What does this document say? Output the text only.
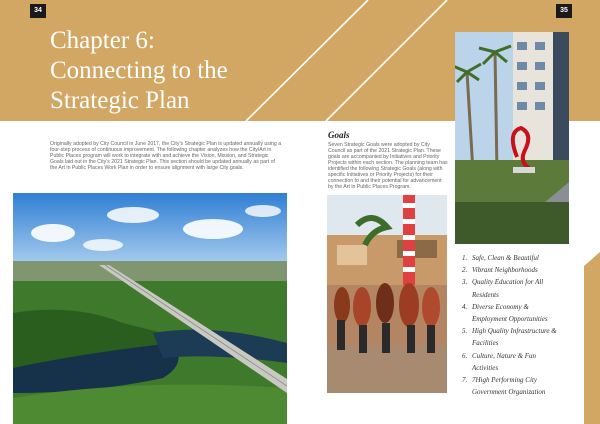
34	35
Chapter 6:
Connecting to the
Strategic Plan
Originally adopted by City Council in June 2017, the City's Strategic Plan is updated annually using a four-step process of continuous improvement. The following chapter analyzes how the City/Art in Public Places program will work to integrate with and achieve the Vision, Mission, and Strategic Goals laid out in the City's 2021 Strategic Plan. This section should be updated annually as part of the Art in Public Places Work Plan in order to ensure alignment with large City goals.
Goals
Seven Strategic Goals were adopted by City Council as part of the 2021 Strategic Plan. These goals are accompanied by Initiatives and Priority Projects within each section. The planning team has identified the following Strategic Goals (along with specific Initiatives or Priority Projects) for their connection to and their potential for advancement by the Art in Public Places Program.
1. Safe, Clean & Beautiful
2. Vibrant Neighborhoods
3. Quality Education for All
Residents
4. Diverse Economy &
Employment Opportunities
5. High Quality Infrastructure &
Facilities
6. Culture, Nature & Fun
Activities
7. 7High Performing City
Government Organization
